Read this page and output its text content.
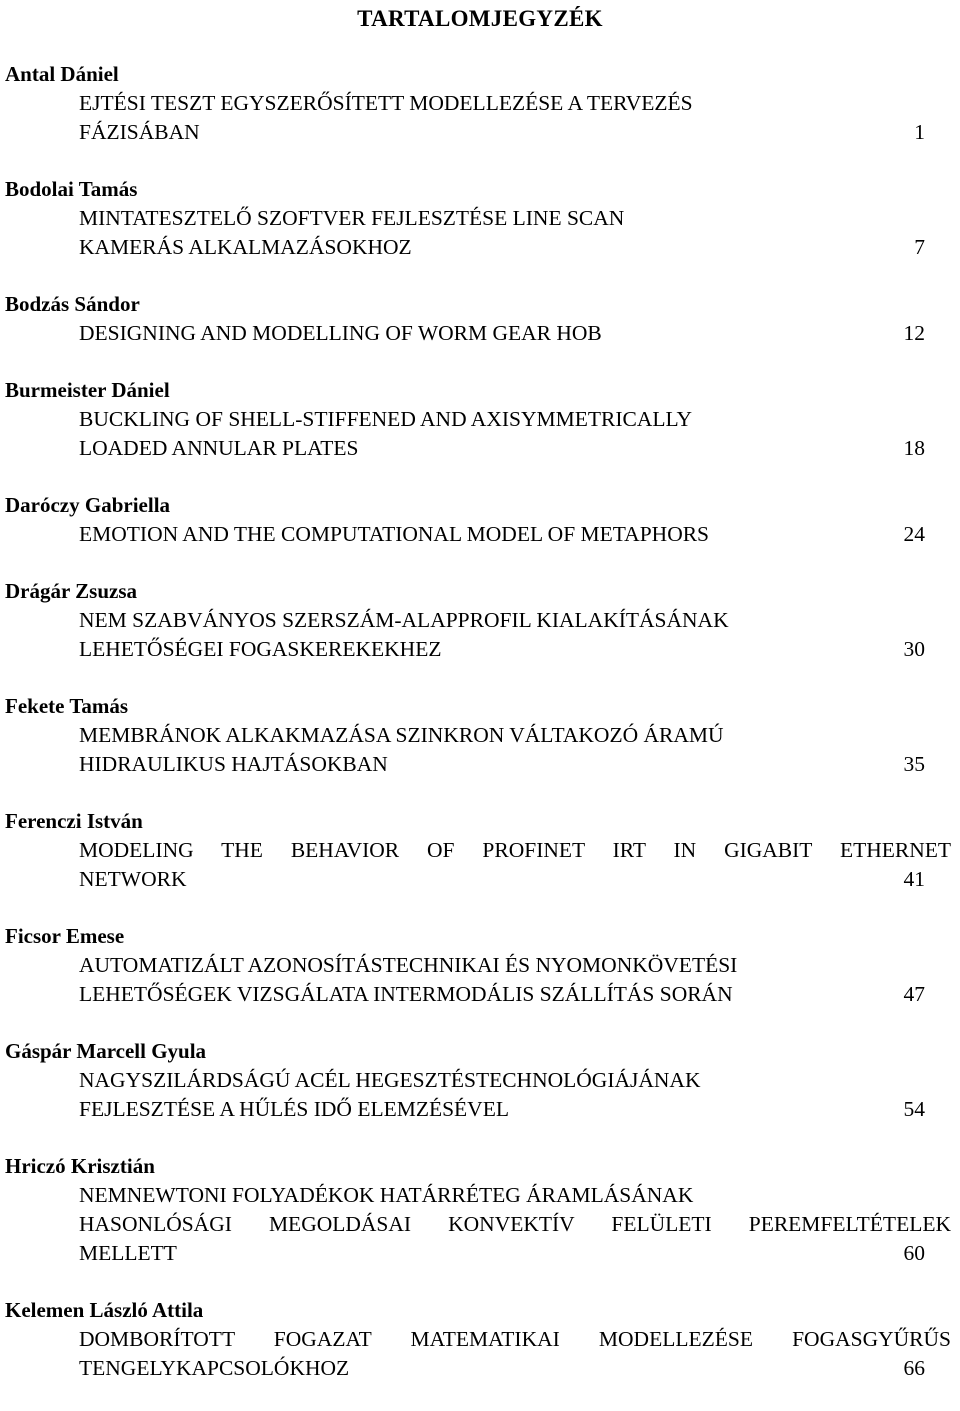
TARTALOMJEGYZÉK
Antal Dániel
EJTÉSI TESZT EGYSZERŐSÍTETT MODELLEZÉSE A TERVEZÉS
FÁZISÁBAN	1
Bodolai Tamás
MINTATESZTELŐ SZOFTVER FEJLESZTÉSE LINE SCAN
KAMERÁS ALKALMAZÁSOKHOZ	7
Bodzás Sándor
DESIGNING AND MODELLING OF WORM GEAR HOB	12
Burmeister Dániel
BUCKLING OF SHELL-STIFFENED AND AXISYMMETRICALLY
LOADED ANNULAR PLATES	18
Daróczy Gabriella
EMOTION AND THE COMPUTATIONAL MODEL OF METAPHORS	24
Drágár Zsuzsa
NEM SZABVÁNYOS SZERSZÁM-ALAPPROFIL KIALAKÍTÁSÁNAK
LEHETŐSÉGEI FOGASKEREKEKHEZ	30
Fekete Tamás
MEMBRÁNOK ALKAKMAZÁSA SZINKRON VÁLTAKOZÓ ÁRAMÚ
HIDRAULIKUS HAJTÁSOKBAN	35
Ferenczi István
MODELING THE BEHAVIOR OF PROFINET IRT IN GIGABIT ETHERNET
NETWORK	41
Ficsor Emese
AUTOMATIZÁLT AZONOSÍTÁSTECHNIKAI ÉS NYOMONKÖVETÉSI
LEHETŐSÉGEK VIZSGÁLATA INTERMODÁLIS SZÁLLÍTÁS SORÁN	47
Gáspár Marcell Gyula
NAGYSZILÁRDSÁGÚ ACÉL HEGESZTÉSTECHNOLÓGIÁJÁNAK
FEJLESZTÉSE A HŰLÉS IDŐ ELEMZÉSÉVEL	54
Hriczó Krisztián
NEMNEWTONI FOLYADÉKOK HATÁRRÉTEG ÁRAMLÁSÁNAK
HASONLÓSÁGI MEGOLDÁSAI KONVEKTÍV FELÜLETI PEREMFELTÉTELEK
MELLETT	60
Kelemen László Attila
DOMBORÍTOTT FOGAZAT MATEMATIKAI MODELLEZÉSE FOGASGYŰRŰS
TENGELYKAPCSOLÓKHOZ	66
